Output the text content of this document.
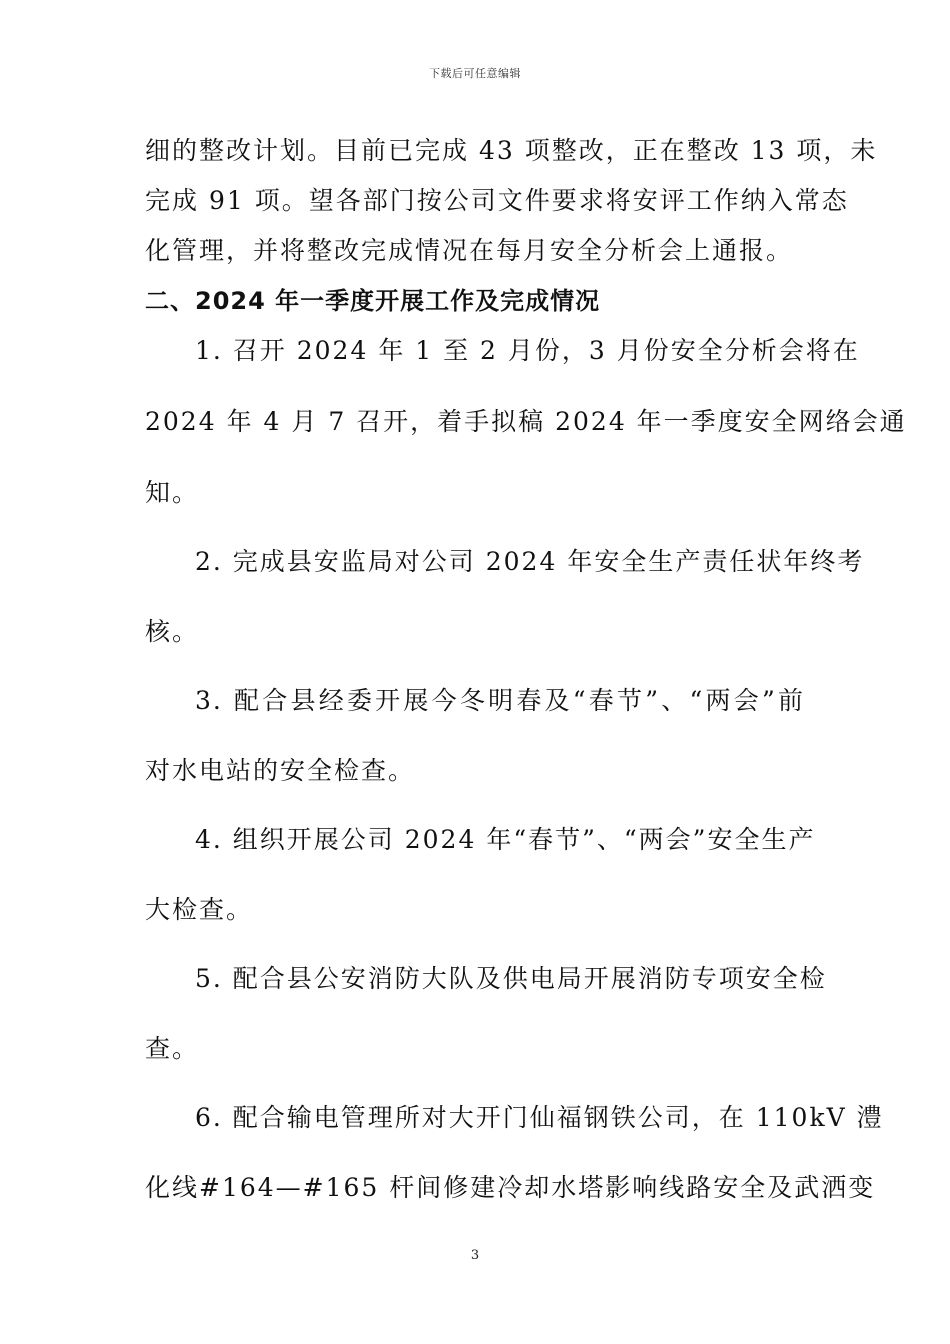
下载后可任意编辑
细的整改计划。目前已完成 43 项整改，正在整改 13 项，未
完成 91 项。望各部门按公司文件要求将安评工作纳入常态
化管理，并将整改完成情况在每月安全分析会上通报。
二、2024 年一季度开展工作及完成情况
1. 召开 2024 年 1 至 2 月份，3 月份安全分析会将在
2024 年 4 月 7 召开，着手拟稿 2024 年一季度安全网络会通
知。
2. 完成县安监局对公司 2024 年安全生产责任状年终考
核。
3. 配合县经委开展今冬明春及“春节”、“两会”前
对水电站的安全检查。
4. 组织开展公司 2024 年“春节”、“两会”安全生产
大检查。
5. 配合县公安消防大队及供电局开展消防专项安全检
查。
6. 配合输电管理所对大开门仙福钢铁公司，在 110kV 澧
化线#164—#165 杆间修建冷却水塔影响线路安全及武洒变
3
